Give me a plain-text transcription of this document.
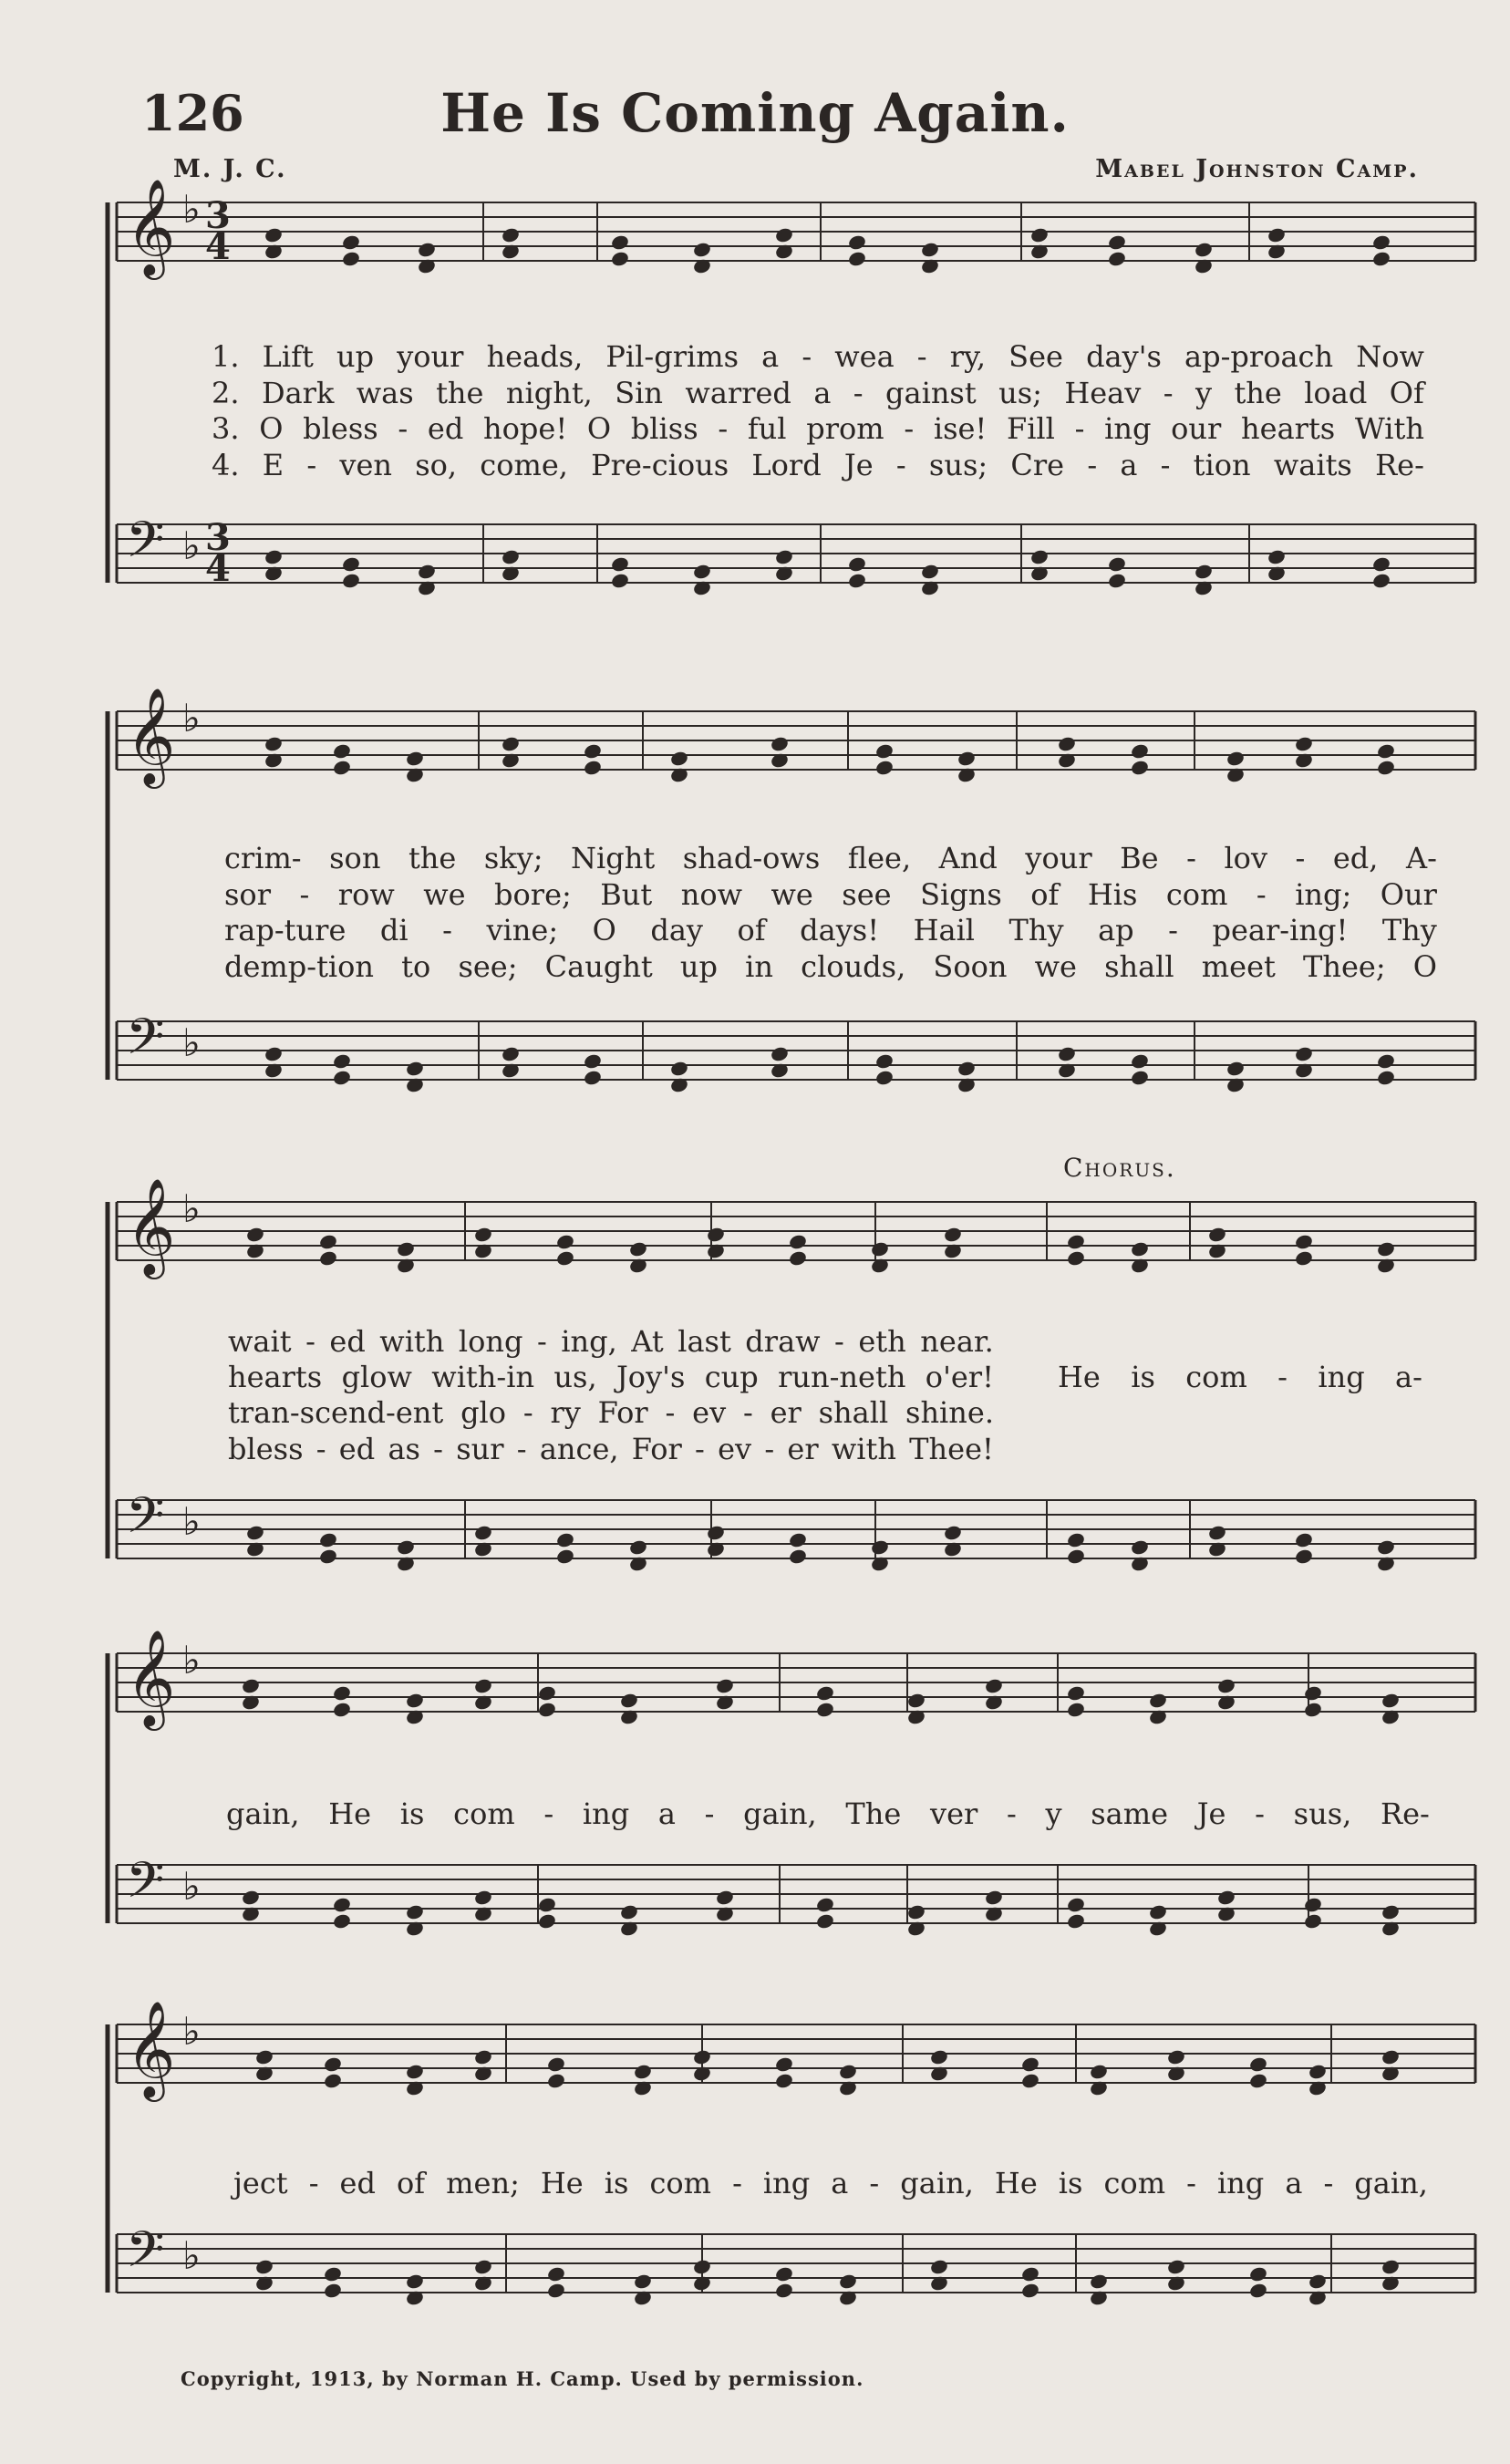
126	He Is Coming Again.
M. J. C.	Mabel Johnston Camp.
3
4
3
4
𝄞 ♭
𝄢 ♭
𝄞 ♭
𝄢 ♭
𝄞 ♭
𝄢 ♭
𝄞 ♭
𝄢 ♭
𝄞 ♭
𝄢 ♭
1. Lift up your heads, Pil-grims a - wea - ry, See day's ap-proach Now
2. Dark was the night, Sin warred a - gainst us; Heav - y the load Of
3. O bless - ed hope! O bliss - ful prom - ise! Fill - ing our hearts With
4. E - ven so, come, Pre-cious Lord Je - sus; Cre - a - tion waits Re-
crim- son the sky; Night shad-ows flee, And your Be - lov - ed, A-
sor - row we bore; But now we see Signs of His com - ing; Our
rap-ture di - vine; O day of days! Hail Thy ap - pear-ing! Thy
demp-tion to see; Caught up in clouds, Soon we shall meet Thee; O
wait - ed with long - ing, At last draw - eth near.
hearts glow with-in us, Joy's cup run-neth o'er!
tran-scend-ent glo - ry For - ev - er shall shine.
bless - ed as - sur - ance, For - ev - er with Thee!
He is com - ing a-
Chorus.
gain, He is com - ing a - gain, The ver - y same Je - sus, Re-
ject - ed of men; He is com - ing a - gain, He is com - ing a - gain,
Copyright, 1913, by Norman H. Camp. Used by permission.
